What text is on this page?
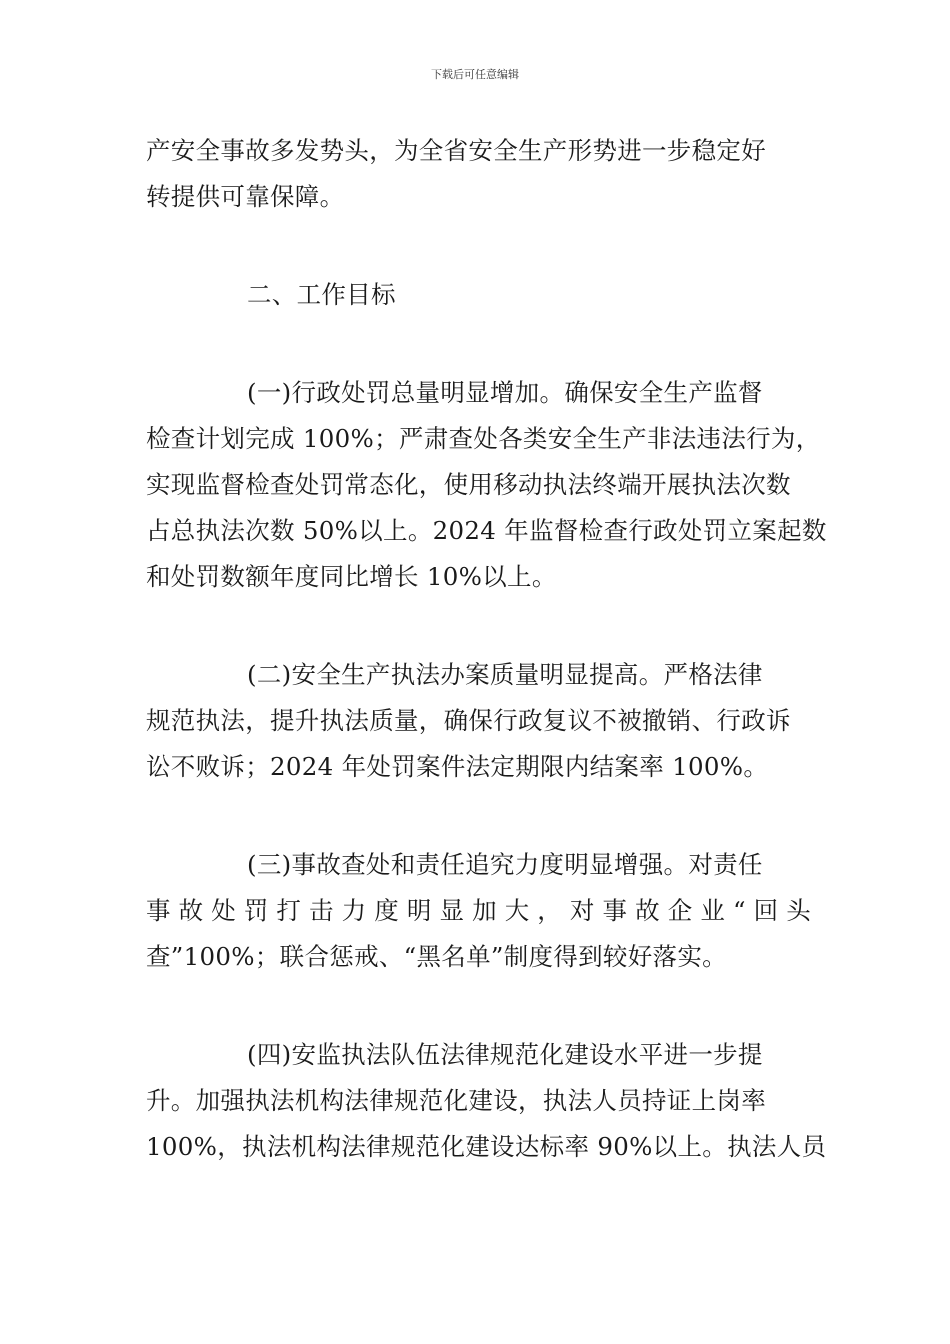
下载后可任意编辑
产安全事故多发势头，为全省安全生产形势进一步稳定好
转提供可靠保障。
二、工作目标
(一)行政处罚总量明显增加。确保安全生产监督
检查计划完成 100%；严肃查处各类安全生产非法违法行为，
实现监督检查处罚常态化，使用移动执法终端开展执法次数
占总执法次数 50%以上。2024 年监督检查行政处罚立案起数
和处罚数额年度同比增长 10%以上。
(二)安全生产执法办案质量明显提高。严格法律
规范执法，提升执法质量，确保行政复议不被撤销、行政诉
讼不败诉；2024 年处罚案件法定期限内结案率 100%。
(三)事故查处和责任追究力度明显增强。对责任
事故处罚打击力度明显加大，对事故企业“回头
查”100%；联合惩戒、“黑名单”制度得到较好落实。
(四)安监执法队伍法律规范化建设水平进一步提
升。加强执法机构法律规范化建设，执法人员持证上岗率
100%，执法机构法律规范化建设达标率 90%以上。执法人员
